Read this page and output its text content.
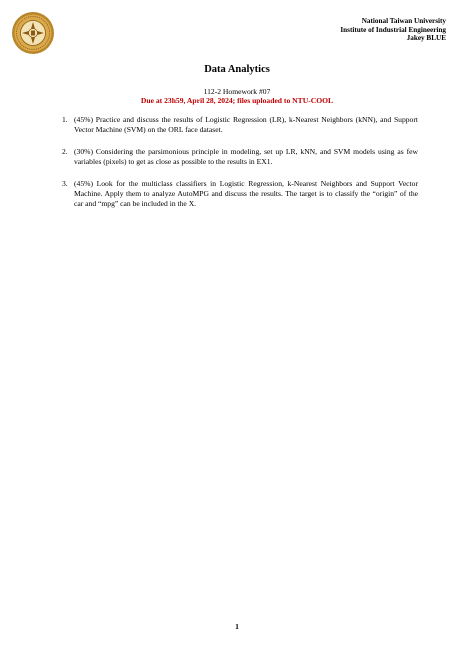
National Taiwan University
Institute of Industrial Engineering
Jakey BLUE
Data Analytics
112-2 Homework #07
Due at 23h59, April 28, 2024; files uploaded to NTU-COOL
1. (45%) Practice and discuss the results of Logistic Regression (LR), k-Nearest Neighbors (kNN), and Support Vector Machine (SVM) on the ORL face dataset.
2. (30%) Considering the parsimonious principle in modeling, set up LR, kNN, and SVM models using as few variables (pixels) to get as close as possible to the results in EX1.
3. (45%) Look for the multiclass classifiers in Logistic Regression, k-Nearest Neighbors and Support Vector Machine. Apply them to analyze AutoMPG and discuss the results. The target is to classify the “origin” of the car and “mpg” can be included in the X.
1
